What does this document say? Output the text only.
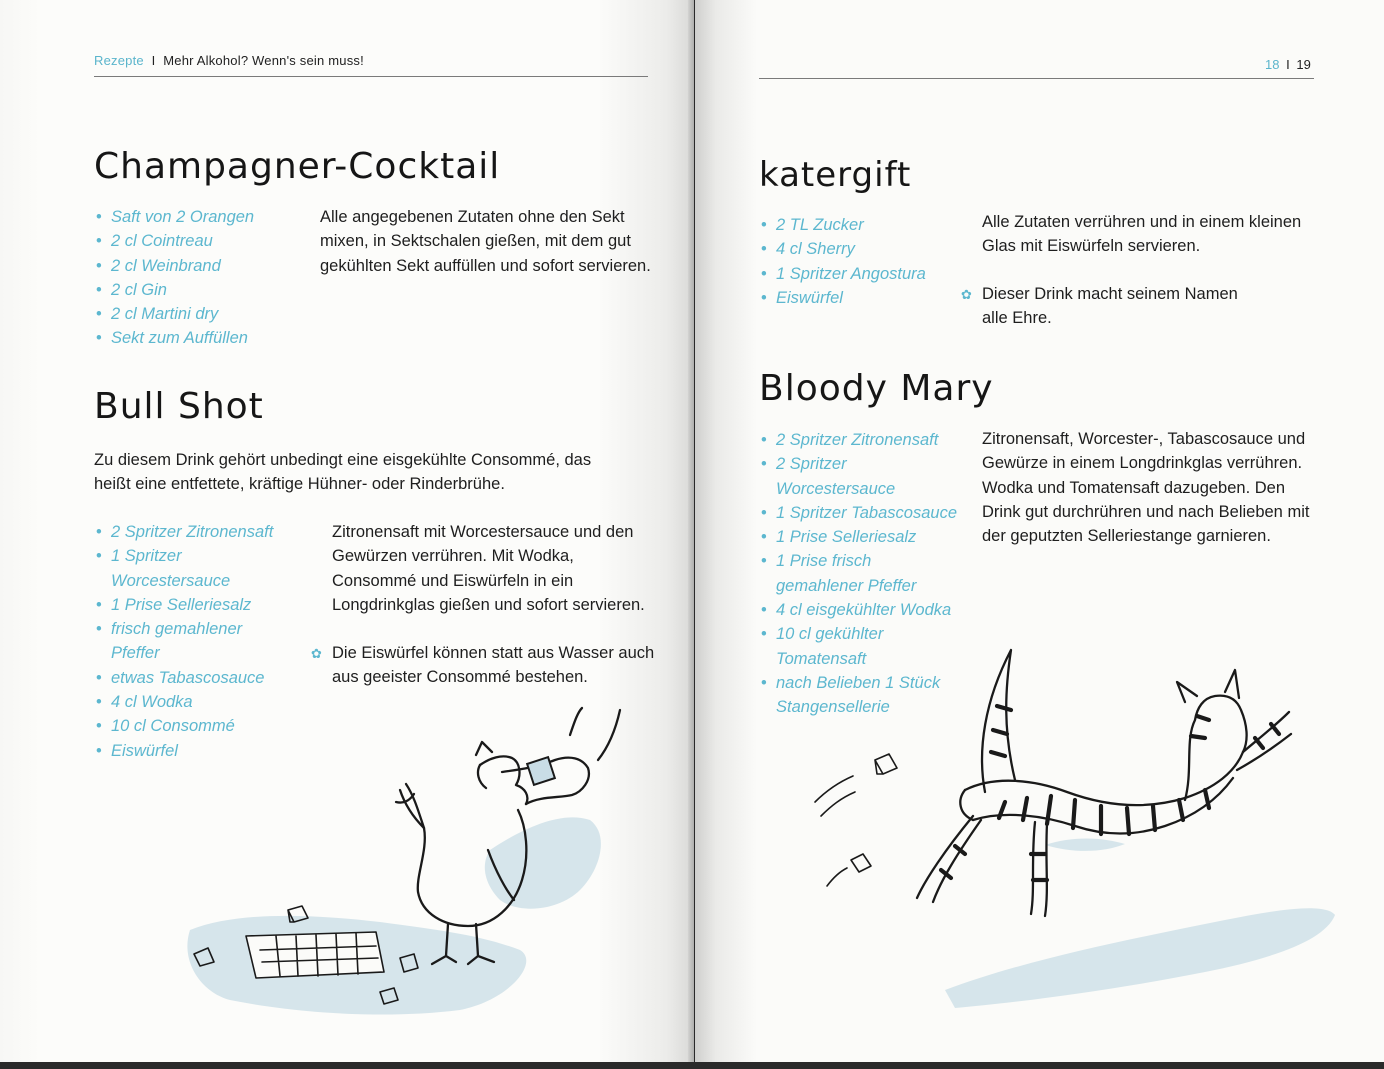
Rezepte I Mehr Alkohol? Wenn's sein muss!
Champagner-Cocktail
• Saft von 2 Orangen
• 2 cl Cointreau
• 2 cl Weinbrand
• 2 cl Gin
• 2 cl Martini dry
• Sekt zum Auffüllen

Alle angegebenen Zutaten ohne den Sekt mixen, in Sektschalen gießen, mit dem gut gekühlten Sekt auffüllen und sofort servieren.

Bull Shot

Zu diesem Drink gehört unbedingt eine eisgekühlte Consommé, das heißt eine entfettete, kräftige Hühner- oder Rinderbrühe.

• 2 Spritzer Zitronensaft
• 1 Spritzer Worcestersauce
• 1 Prise Selleriesalz
• frisch gemahlener Pfeffer
• etwas Tabascosauce
• 4 cl Wodka
• 10 cl Consommé
• Eiswürfel

Zitronensaft mit Worcestersauce und den Gewürzen verrühren. Mit Wodka, Consommé und Eiswürfeln in ein Longdrinkglas gießen und sofort servieren.

✿ Die Eiswürfel können statt aus Wasser auch aus geeister Consommé bestehen.

18 I 19
katergift
• 2 TL Zucker
• 4 cl Sherry
• 1 Spritzer Angostura
• Eiswürfel

Alle Zutaten verrühren und in einem kleinen Glas mit Eiswürfeln servieren.

✿ Dieser Drink macht seinem Namen alle Ehre.

Bloody Mary
• 2 Spritzer Zitronensaft
• 2 Spritzer Worcestersauce
• 1 Spritzer Tabascosauce
• 1 Prise Selleriesalz
• 1 Prise frisch gemahlener Pfeffer
• 4 cl eisgekühlter Wodka
• 10 cl gekühlter Tomatensaft
• nach Belieben 1 Stück Stangensellerie

Zitronensaft, Worcester-, Tabascosauce und Gewürze in einem Longdrinkglas verrühren. Wodka und Tomatensaft dazugeben. Den Drink gut durchrühren und nach Belieben mit der geputzten Selleriestange garnieren.
